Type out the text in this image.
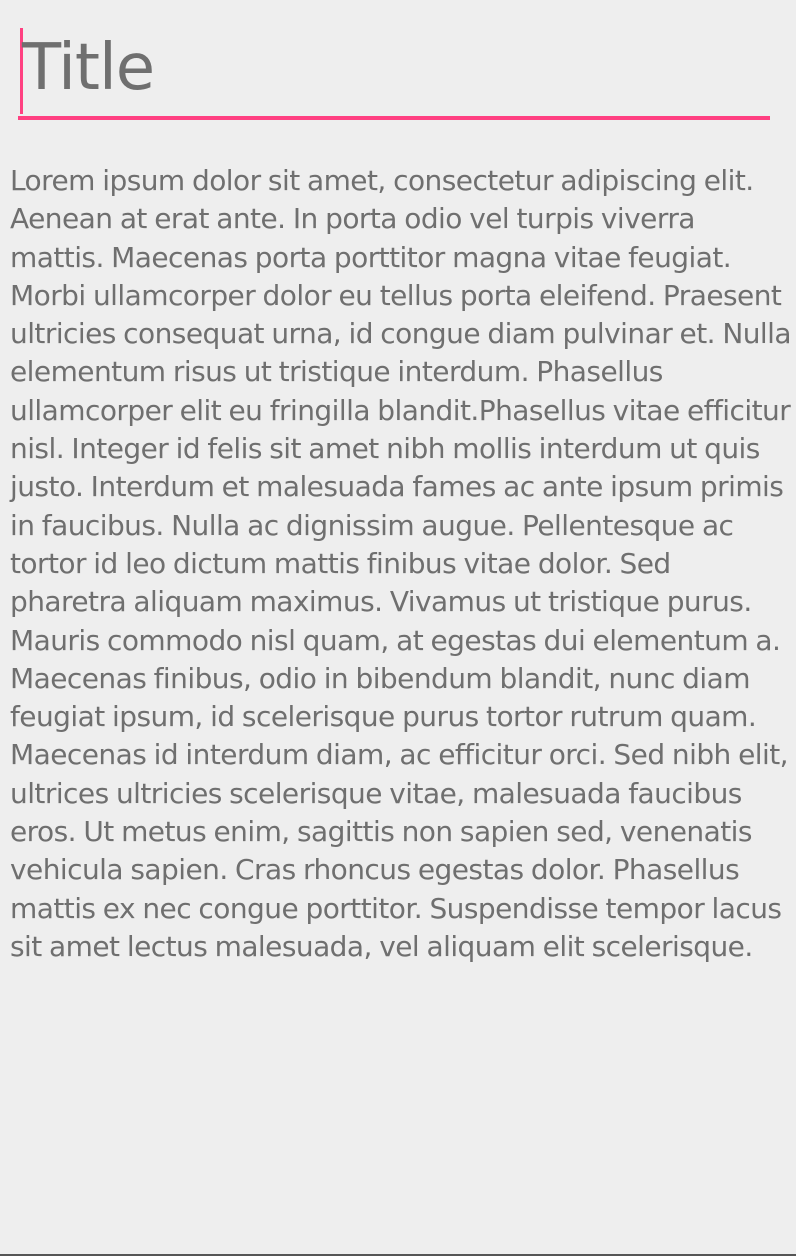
Title

Lorem ipsum dolor sit amet, consectetur adipiscing elit. Aenean at erat ante. In porta odio vel turpis viverra mattis. Maecenas porta porttitor magna vitae feugiat. Morbi ullamcorper dolor eu tellus porta eleifend. Praesent ultricies consequat urna, id congue diam pulvinar et. Nulla elementum risus ut tristique interdum. Phasellus ullamcorper elit eu fringilla blandit.Phasellus vitae efficitur nisl. Integer id felis sit amet nibh mollis interdum ut quis justo. Interdum et malesuada fames ac ante ipsum primis in faucibus. Nulla ac dignissim augue. Pellentesque ac tortor id leo dictum mattis finibus vitae dolor. Sed pharetra aliquam maximus. Vivamus ut tristique purus. Mauris commodo nisl quam, at egestas dui elementum a. Maecenas finibus, odio in bibendum blandit, nunc diam feugiat ipsum, id scelerisque purus tortor rutrum quam. Maecenas id interdum diam, ac efficitur orci. Sed nibh elit, ultrices ultricies scelerisque vitae, malesuada faucibus eros. Ut metus enim, sagittis non sapien sed, venenatis vehicula sapien. Cras rhoncus egestas dolor. Phasellus mattis ex nec congue porttitor. Suspendisse tempor lacus sit amet lectus malesuada, vel aliquam elit scelerisque.
